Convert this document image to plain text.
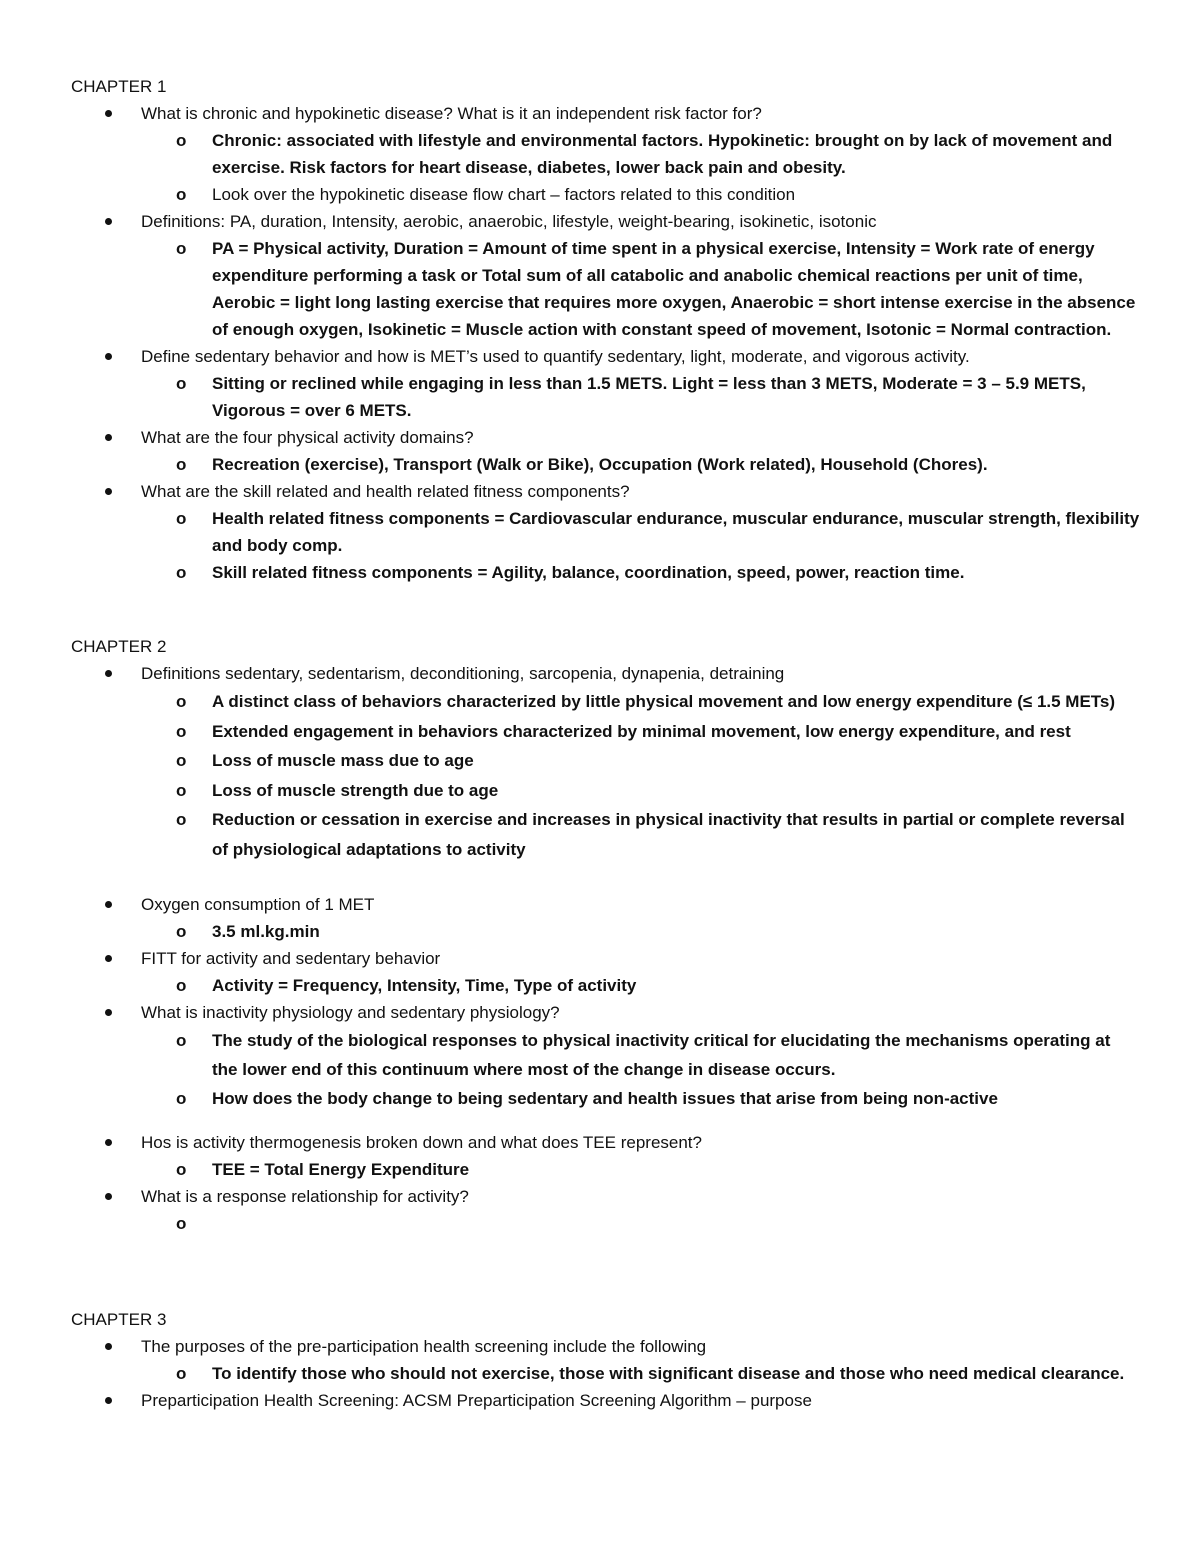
CHAPTER 1
What is chronic and hypokinetic disease? What is it an independent risk factor for?
o Chronic: associated with lifestyle and environmental factors. Hypokinetic: brought on by lack of movement and exercise. Risk factors for heart disease, diabetes, lower back pain and obesity.
o Look over the hypokinetic disease flow chart – factors related to this condition
Definitions: PA, duration, Intensity, aerobic, anaerobic, lifestyle, weight-bearing, isokinetic, isotonic
o PA = Physical activity, Duration = Amount of time spent in a physical exercise, Intensity = Work rate of energy expenditure performing a task or Total sum of all catabolic and anabolic chemical reactions per unit of time, Aerobic = light long lasting exercise that requires more oxygen, Anaerobic = short intense exercise in the absence of enough oxygen, Isokinetic = Muscle action with constant speed of movement, Isotonic = Normal contraction.
Define sedentary behavior and how is MET’s used to quantify sedentary, light, moderate, and vigorous activity.
o Sitting or reclined while engaging in less than 1.5 METS. Light = less than 3 METS, Moderate = 3 – 5.9 METS, Vigorous = over 6 METS.
What are the four physical activity domains?
o Recreation (exercise), Transport (Walk or Bike), Occupation (Work related), Household (Chores).
What are the skill related and health related fitness components?
o Health related fitness components = Cardiovascular endurance, muscular endurance, muscular strength, flexibility and body comp.
o Skill related fitness components = Agility, balance, coordination, speed, power, reaction time.
CHAPTER 2
Definitions sedentary, sedentarism, deconditioning, sarcopenia, dynapenia, detraining
o A distinct class of behaviors characterized by little physical movement and low energy expenditure (≤ 1.5 METs)
o Extended engagement in behaviors characterized by minimal movement, low energy expenditure, and rest
o Loss of muscle mass due to age
o Loss of muscle strength due to age
o Reduction or cessation in exercise and increases in physical inactivity that results in partial or complete reversal of physiological adaptations to activity
Oxygen consumption of 1 MET
o 3.5 ml.kg.min
FITT for activity and sedentary behavior
o Activity = Frequency, Intensity, Time, Type of activity
What is inactivity physiology and sedentary physiology?
o The study of the biological responses to physical inactivity critical for elucidating the mechanisms operating at the lower end of this continuum where most of the change in disease occurs.
o How does the body change to being sedentary and health issues that arise from being non-active
Hos is activity thermogenesis broken down and what does TEE represent?
o TEE = Total Energy Expenditure
What is a response relationship for activity?
o
CHAPTER 3
The purposes of the pre-participation health screening include the following
o To identify those who should not exercise, those with significant disease and those who need medical clearance.
Preparticipation Health Screening: ACSM Preparticipation Screening Algorithm – purpose
